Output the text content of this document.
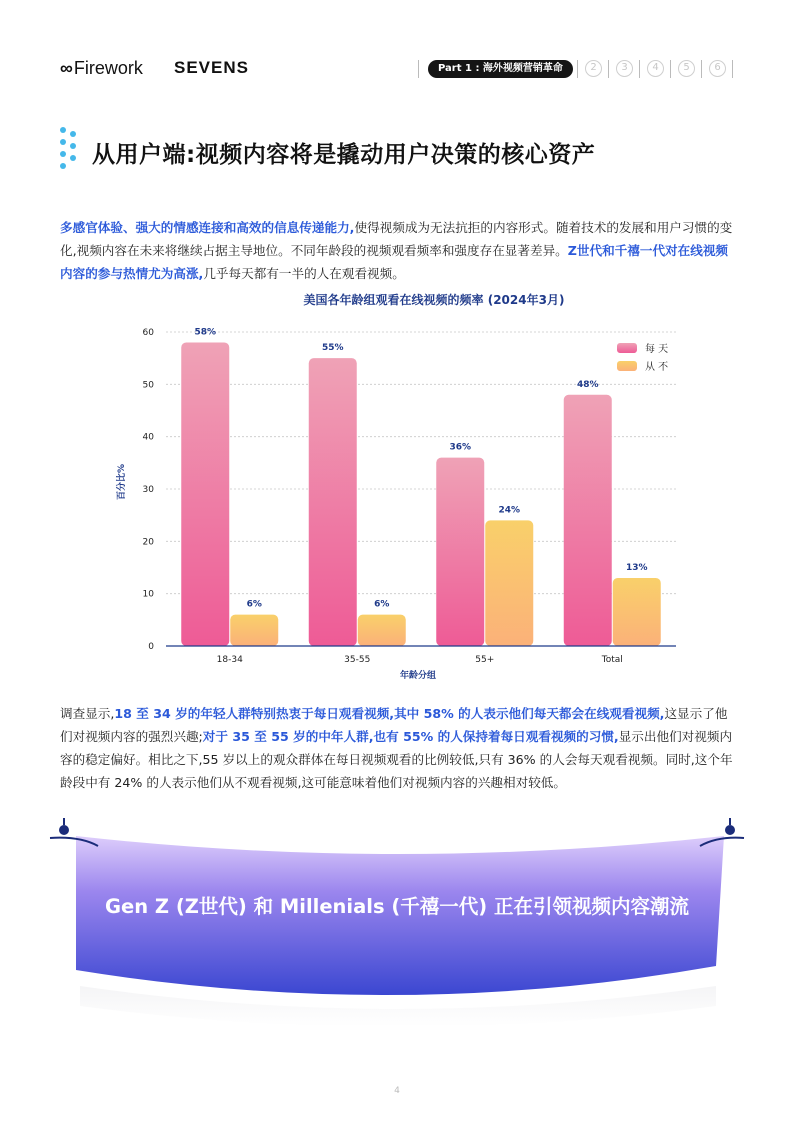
∞ Firework SEVENS	Part 1 : 海外视频营销革命	2	3	4	5	6
从用户端:视频内容将是撬动用户决策的核心资产
多感官体验、强大的情感连接和高效的信息传递能力,使得视频成为无法抗拒的内容形式。随着技术的发展和用户习惯的变化,视频内容在未来将继续占据主导地位。不同年龄段的视频观看频率和强度存在显著差异。Z世代和千禧一代对在线视频内容的参与热情尤为高涨,几乎每天都有一半的人在观看视频。
美国各年龄组观看在线视频的频率 (2024年3月)
58%
6%
55%
6%
36%
24%
48%
13%
0
10
20
30
40
50
60
18-34	35-55	55+	Total
百分比%
年龄分组
每 天
从 不
调查显示,18 至 34 岁的年轻人群特别热衷于每日观看视频,其中 58% 的人表示他们每天都会在线观看视频,这显示了他们对视频内容的强烈兴趣;对于 35 至 55 岁的中年人群,也有 55% 的人保持着每日观看视频的习惯,显示出他们对视频内容的稳定偏好。相比之下,55 岁以上的观众群体在每日视频观看的比例较低,只有 36% 的人会每天观看视频。同时,这个年龄段中有 24% 的人表示他们从不观看视频,这可能意味着他们对视频内容的兴趣相对较低。
Gen Z (Z世代) 和 Millenials (千禧一代) 正在引领视频内容潮流
4
